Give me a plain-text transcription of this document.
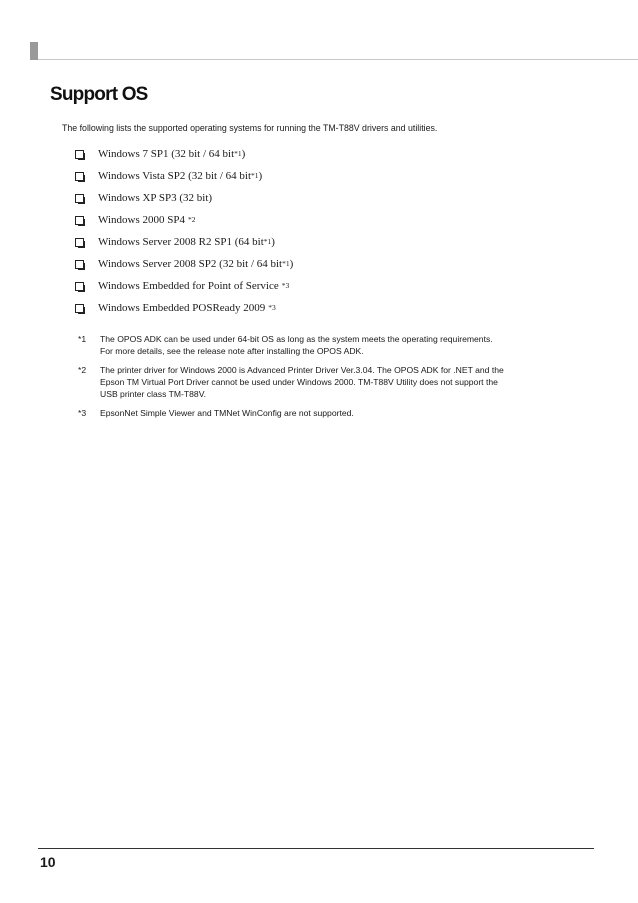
Support OS

The following lists the supported operating systems for running the TM-T88V drivers and utilities.

Windows 7 SP1 (32 bit / 64 bit *1 )
Windows Vista SP2 (32 bit / 64 bit *1 )
Windows XP SP3 (32 bit)
Windows 2000 SP4 *2
Windows Server 2008 R2 SP1 (64 bit *1 )
Windows Server 2008 SP2 (32 bit / 64 bit *1 )
Windows Embedded for Point of Service *3
Windows Embedded POSReady 2009 *3
*1	The OPOS ADK can be used under 64-bit OS as long as the system meets the operating requirements.
For more details, see the release note after installing the OPOS ADK.
*2	The printer driver for Windows 2000 is Advanced Printer Driver Ver.3.04. The OPOS ADK for .NET and the
Epson TM Virtual Port Driver cannot be used under Windows 2000. TM-T88V Utility does not support the
USB printer class TM-T88V.
*3	EpsonNet Simple Viewer and TMNet WinConfig are not supported.

10
